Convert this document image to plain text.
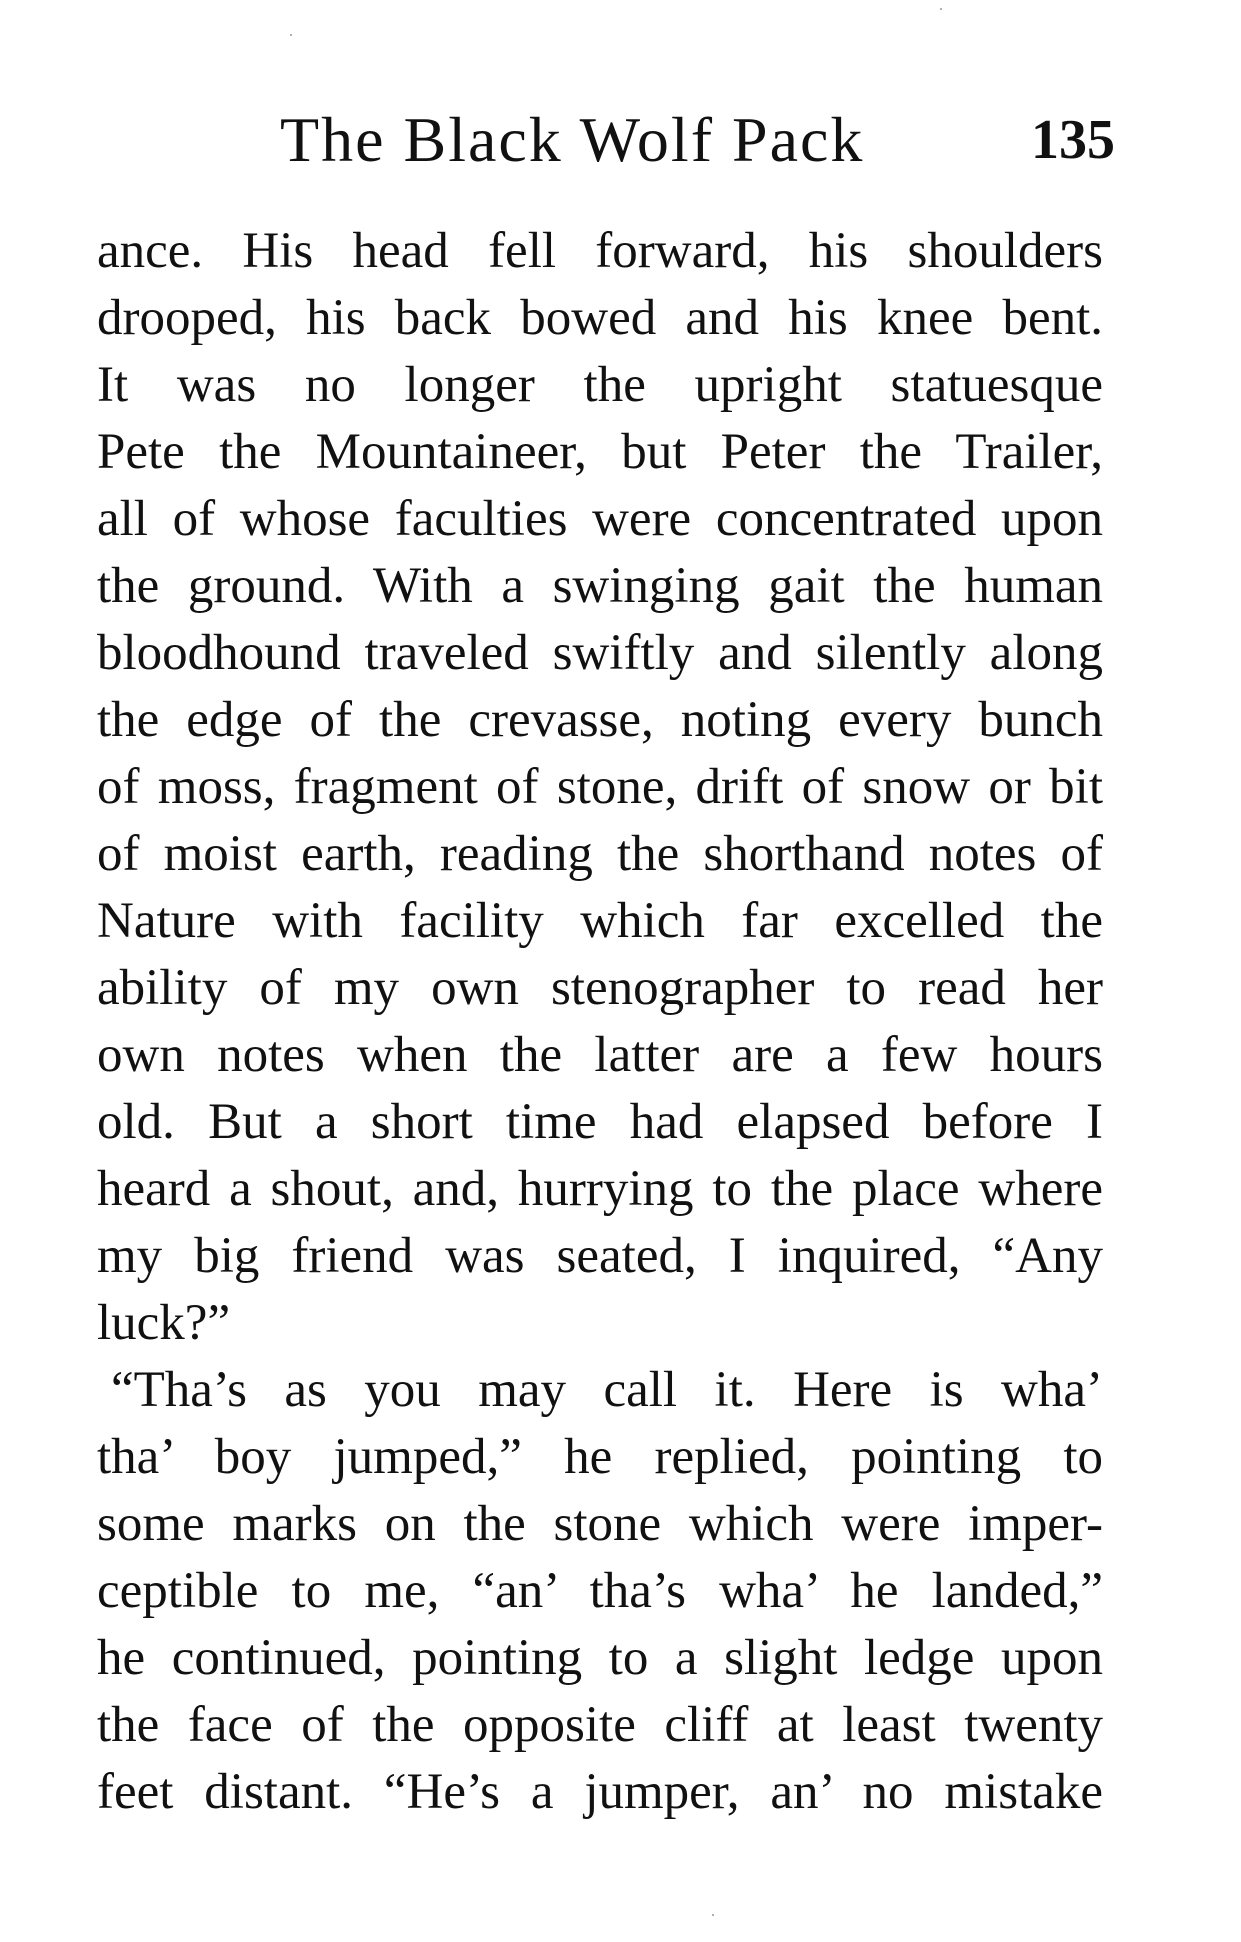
The Black Wolf Pack	135
ance. His head fell forward, his shoulders
drooped, his back bowed and his knee bent.
It was no longer the upright statuesque
Pete the Mountaineer, but Peter the Trailer,
all of whose faculties were concentrated upon
the ground. With a swinging gait the human
bloodhound traveled swiftly and silently along
the edge of the crevasse, noting every bunch
of moss, fragment of stone, drift of snow or bit
of moist earth, reading the shorthand notes of
Nature with facility which far excelled the
ability of my own stenographer to read her
own notes when the latter are a few hours
old. But a short time had elapsed before I
heard a shout, and, hurrying to the place where
my big friend was seated, I inquired, “Any
luck?”
“Tha’s as you may call it. Here is wha’
tha’ boy jumped,” he replied, pointing to
some marks on the stone which were imper-
ceptible to me, “an’ tha’s wha’ he landed,”
he continued, pointing to a slight ledge upon
the face of the opposite cliff at least twenty
feet distant. “He’s a jumper, an’ no mistake
